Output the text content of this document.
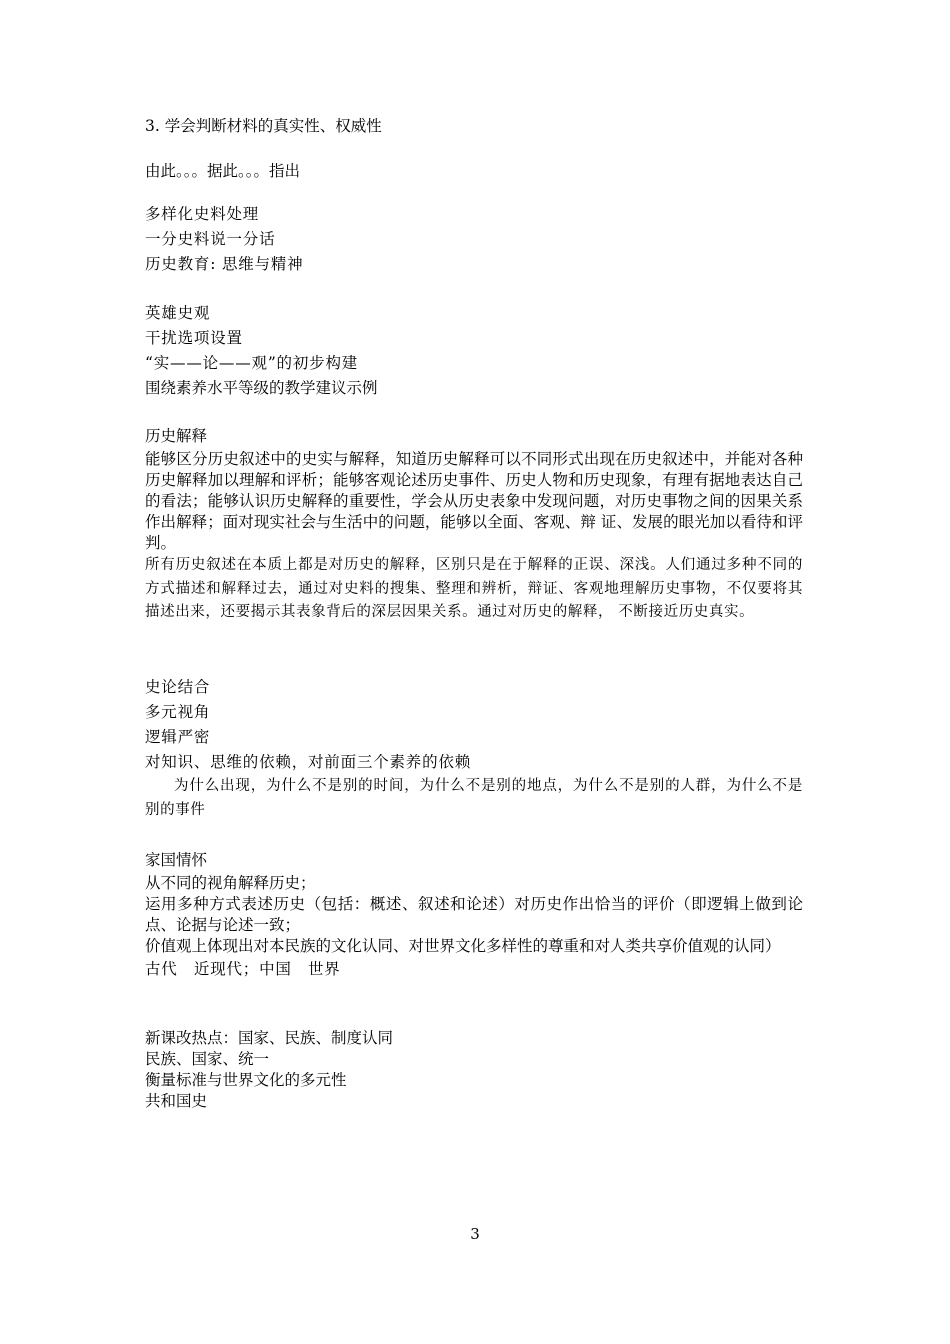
3. 学会判断材料的真实性、权威性

由此。。。据此。。。指出

多样化史料处理

一分史料说一分话

历史教育: 思维与精神

英雄史观

干扰选项设置

“实——论——观”的初步构建

围绕素养水平等级的教学建议示例

历史解释

能够区分历史叙述中的史实与解释，知道历史解释可以不同形式出现在历史叙述中，并能对各种历史解释加以理解和评析；能够客观论述历史事件、历史人物和历史现象，有理有据地表达自己的看法；能够认识历史解释的重要性，学会从历史表象中发现问题，对历史事物之间的因果关系作出解释；面对现实社会与生活中的问题，能够以全面、客观、辩 证、发展的眼光加以看待和评判。

所有历史叙述在本质上都是对历史的解释，区别只是在于解释的正误、深浅。人们通过多种不同的方式描述和解释过去，通过对史料的搜集、整理和辨析，辩证、客观地理解历史事物，不仅要将其描述出来，还要揭示其表象背后的深层因果关系。通过对历史的解释， 不断接近历史真实。

史论结合

多元视角

逻辑严密

对知识、思维的依赖，对前面三个素养的依赖

为什么出现，为什么不是别的时间，为什么不是别的地点，为什么不是别的人群，为什么不是别的事件

家国情怀

从不同的视角解释历史；

运用多种方式表述历史（包括：概述、叙述和论述）对历史作出恰当的评价（即逻辑上做到论点、论据与论述一致；

价值观上体现出对本民族的文化认同、对世界文化多样性的尊重和对人类共享价值观的认同）

古代　近现代；中国　世界

新课改热点：国家、民族、制度认同

民族、国家、统一

衡量标准与世界文化的多元性

共和国史

3
